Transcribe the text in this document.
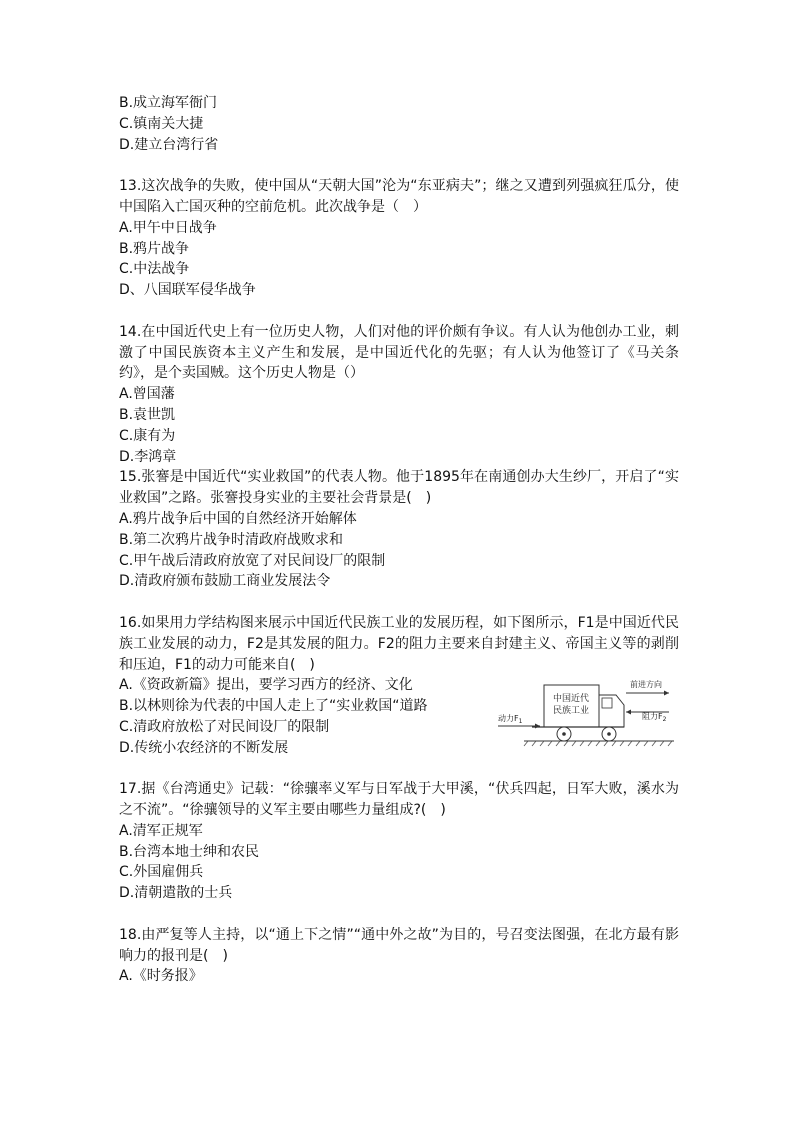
B.成立海军衙门
C.镇南关大捷
D.建立台湾行省
13.这次战争的失败，使中国从“天朝大国”沦为“东亚病夫”；继之又遭到列强疯狂瓜分，使中国陷入亡国灭种的空前危机。此次战争是（　）
A.甲午中日战争
B.鸦片战争
C.中法战争
D、八国联军侵华战争
14.在中国近代史上有一位历史人物，人们对他的评价颇有争议。有人认为他创办工业，刺激了中国民族资本主义产生和发展，是中国近代化的先驱；有人认为他签订了《马关条约》，是个卖国贼。这个历史人物是（）
A.曾国藩
B.袁世凯
C.康有为
D.李鸿章
15.张謇是中国近代“实业救国”的代表人物。他于1895年在南通创办大生纱厂，开启了“实业救国”之路。张謇投身实业的主要社会背景是(　)
A.鸦片战争后中国的自然经济开始解体
B.第二次鸦片战争时清政府战败求和
C.甲午战后清政府放宽了对民间设厂的限制
D.清政府颁布鼓励工商业发展法令
16.如果用力学结构图来展示中国近代民族工业的发展历程，如下图所示，F1是中国近代民族工业发展的动力，F2是其发展的阻力。F2的阻力主要来自封建主义、帝国主义等的剥削和压迫，F1的动力可能来自(　)
A.《资政新篇》提出，要学习西方的经济、文化
B.以林则徐为代表的中国人走上了“实业救国“道路
C.清政府放松了对民间设厂的限制
D.传统小农经济的不断发展
中国近代
民族工业
前进方向
动力$F_1$
阻力$F_2$
17.据《台湾通史》记载：“徐骧率义军与日军战于大甲溪，“伏兵四起，日军大败，溪水为之不流”。“徐骧领导的义军主要由哪些力量组成?(　)
A.清军正规军
B.台湾本地士绅和农民
C.外国雇佣兵
D.清朝遣散的士兵
18.由严复等人主持，以“通上下之情”“通中外之故”为目的，号召变法图强，在北方最有影响力的报刊是(　)
A.《时务报》
